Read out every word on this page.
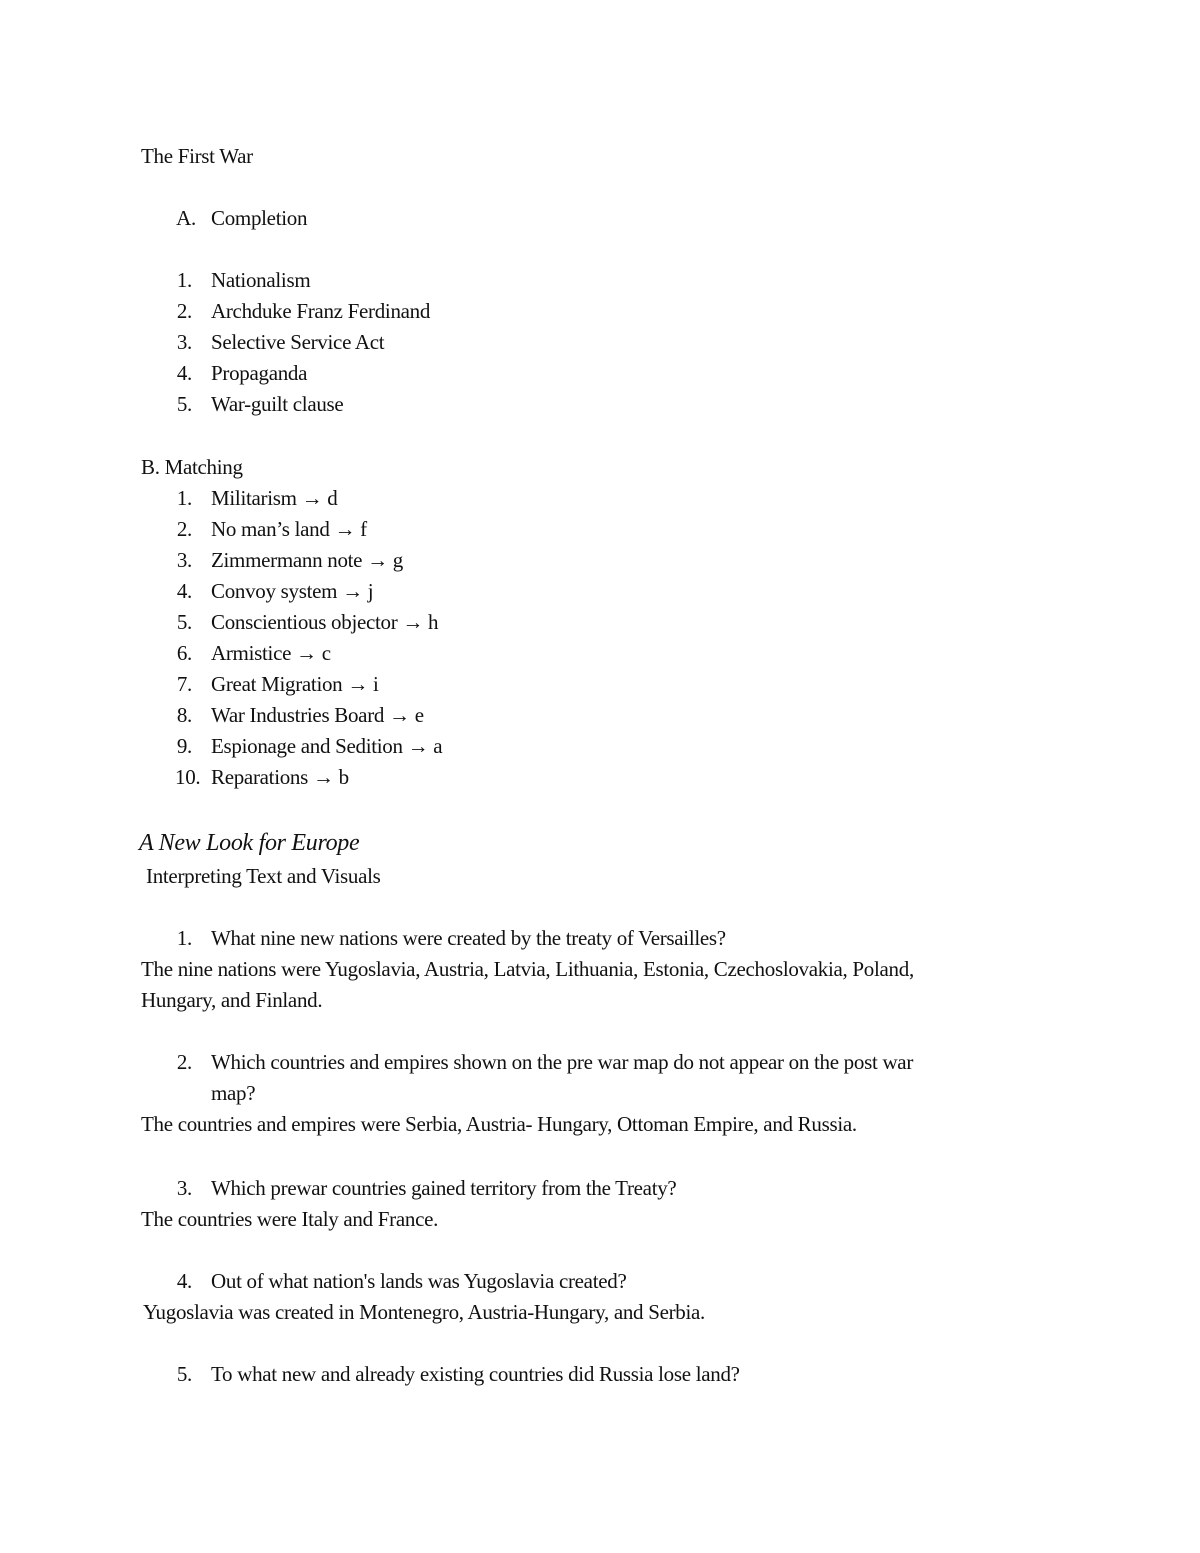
The First War
A. Completion
1. Nationalism
2. Archduke Franz Ferdinand
3. Selective Service Act
4. Propaganda
5. War-guilt clause
B. Matching
1. Militarism → d
2. No man’s land → f
3. Zimmermann note → g
4. Convoy system → j
5. Conscientious objector → h
6. Armistice → c
7. Great Migration → i
8. War Industries Board → e
9. Espionage and Sedition → a
10. Reparations → b
A New Look for Europe
Interpreting Text and Visuals
1. What nine new nations were created by the treaty of Versailles?
The nine nations were Yugoslavia, Austria, Latvia, Lithuania, Estonia, Czechoslovakia, Poland,
Hungary, and Finland.
2. Which countries and empires shown on the pre war map do not appear on the post war
map?
The countries and empires were Serbia, Austria- Hungary, Ottoman Empire, and Russia.
3. Which prewar countries gained territory from the Treaty?
The countries were Italy and France.
4. Out of what nation's lands was Yugoslavia created?
Yugoslavia was created in Montenegro, Austria-Hungary, and Serbia.
5. To what new and already existing countries did Russia lose land?
